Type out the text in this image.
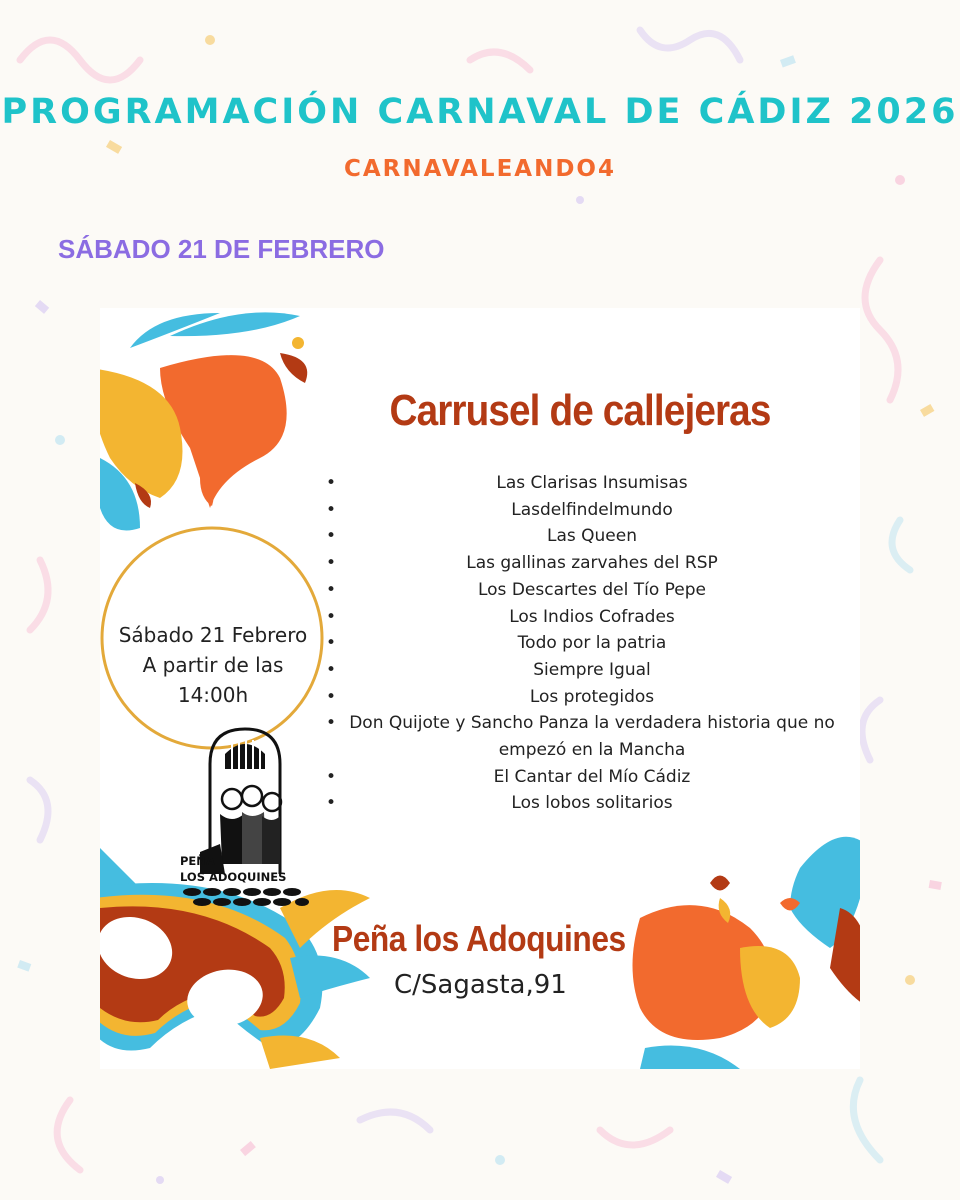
PROGRAMACIÓN CARNAVAL DE CÁDIZ 2026
CARNAVALEANDO4
SÁBADO 21 DE FEBRERO
Carrusel de callejeras
• Las Clarisas Insumisas
• Lasdelfindelmundo
• Las Queen
• Las gallinas zarvahes del RSP
• Los Descartes del Tío Pepe
• Los Indios Cofrades
• Todo por la patria
• Siempre Igual
• Los protegidos
• Don Quijote y Sancho Panza la verdadera historia que no empezó en la Mancha
• El Cantar del Mío Cádiz
• Los lobos solitarios
Sábado 21 Febrero
A partir de las
14:00h
PEÑA
LOS ADOQUINES
Peña los Adoquines
C/Sagasta,91
